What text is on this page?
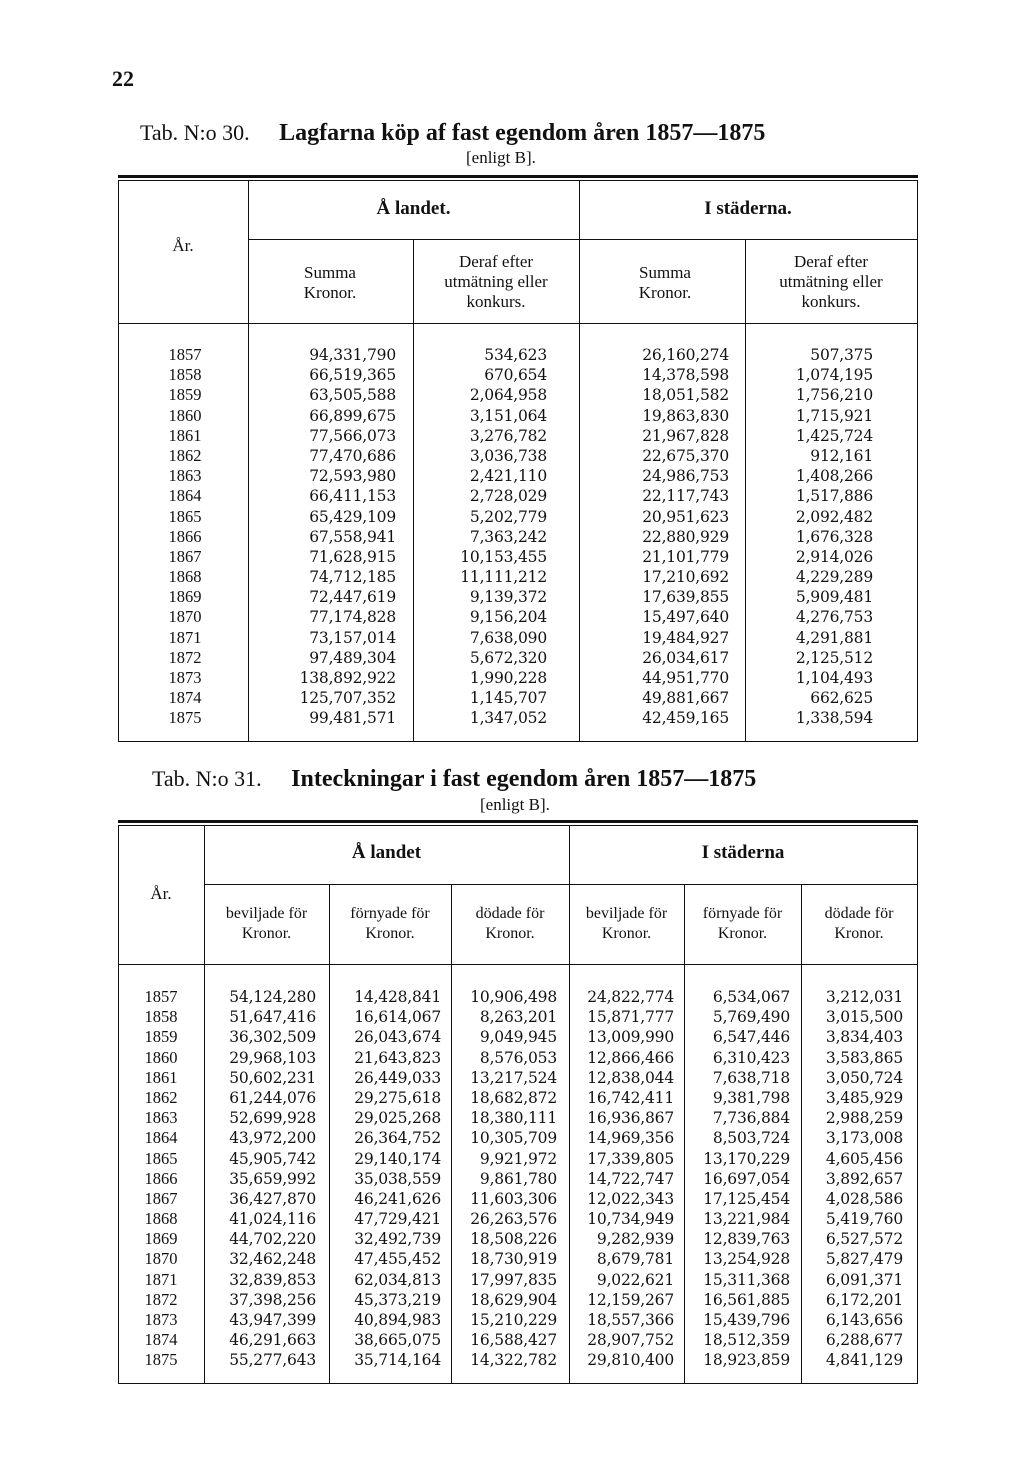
22
Tab. N:o 30. Lagfarna köp af fast egendom åren 1857—1875
[enligt B].
År.
Å landet.	I städerna.
Summa
Kronor.
Deraf efter
utmätning eller
konkurs.
Summa
Kronor.
Deraf efter
utmätning eller
konkurs.
1857
1858
1859
1860
1861
1862
1863
1864
1865
1866
1867
1868
1869
1870
1871
1872
1873
1874
1875
94,331,790
66,519,365
63,505,588
66,899,675
77,566,073
77,470,686
72,593,980
66,411,153
65,429,109
67,558,941
71,628,915
74,712,185
72,447,619
77,174,828
73,157,014
97,489,304
138,892,922
125,707,352
99,481,571
534,623
670,654
2,064,958
3,151,064
3,276,782
3,036,738
2,421,110
2,728,029
5,202,779
7,363,242
10,153,455
11,111,212
9,139,372
9,156,204
7,638,090
5,672,320
1,990,228
1,145,707
1,347,052
26,160,274
14,378,598
18,051,582
19,863,830
21,967,828
22,675,370
24,986,753
22,117,743
20,951,623
22,880,929
21,101,779
17,210,692
17,639,855
15,497,640
19,484,927
26,034,617
44,951,770
49,881,667
42,459,165
507,375
1,074,195
1,756,210
1,715,921
1,425,724
912,161
1,408,266
1,517,886
2,092,482
1,676,328
2,914,026
4,229,289
5,909,481
4,276,753
4,291,881
2,125,512
1,104,493
662,625
1,338,594
Tab. N:o 31. Inteckningar i fast egendom åren 1857—1875
[enligt B].
År.
Å landet	I städerna
beviljade för
Kronor.
förnyade för
Kronor.
dödade för
Kronor.
beviljade för
Kronor.
förnyade för
Kronor.
dödade för
Kronor.
1857
1858
1859
1860
1861
1862
1863
1864
1865
1866
1867
1868
1869
1870
1871
1872
1873
1874
1875
54,124,280
51,647,416
36,302,509
29,968,103
50,602,231
61,244,076
52,699,928
43,972,200
45,905,742
35,659,992
36,427,870
41,024,116
44,702,220
32,462,248
32,839,853
37,398,256
43,947,399
46,291,663
55,277,643
14,428,841
16,614,067
26,043,674
21,643,823
26,449,033
29,275,618
29,025,268
26,364,752
29,140,174
35,038,559
46,241,626
47,729,421
32,492,739
47,455,452
62,034,813
45,373,219
40,894,983
38,665,075
35,714,164
10,906,498
8,263,201
9,049,945
8,576,053
13,217,524
18,682,872
18,380,111
10,305,709
9,921,972
9,861,780
11,603,306
26,263,576
18,508,226
18,730,919
17,997,835
18,629,904
15,210,229
16,588,427
14,322,782
24,822,774
15,871,777
13,009,990
12,866,466
12,838,044
16,742,411
16,936,867
14,969,356
17,339,805
14,722,747
12,022,343
10,734,949
9,282,939
8,679,781
9,022,621
12,159,267
18,557,366
28,907,752
29,810,400
6,534,067
5,769,490
6,547,446
6,310,423
7,638,718
9,381,798
7,736,884
8,503,724
13,170,229
16,697,054
17,125,454
13,221,984
12,839,763
13,254,928
15,311,368
16,561,885
15,439,796
18,512,359
18,923,859
3,212,031
3,015,500
3,834,403
3,583,865
3,050,724
3,485,929
2,988,259
3,173,008
4,605,456
3,892,657
4,028,586
5,419,760
6,527,572
5,827,479
6,091,371
6,172,201
6,143,656
6,288,677
4,841,129
